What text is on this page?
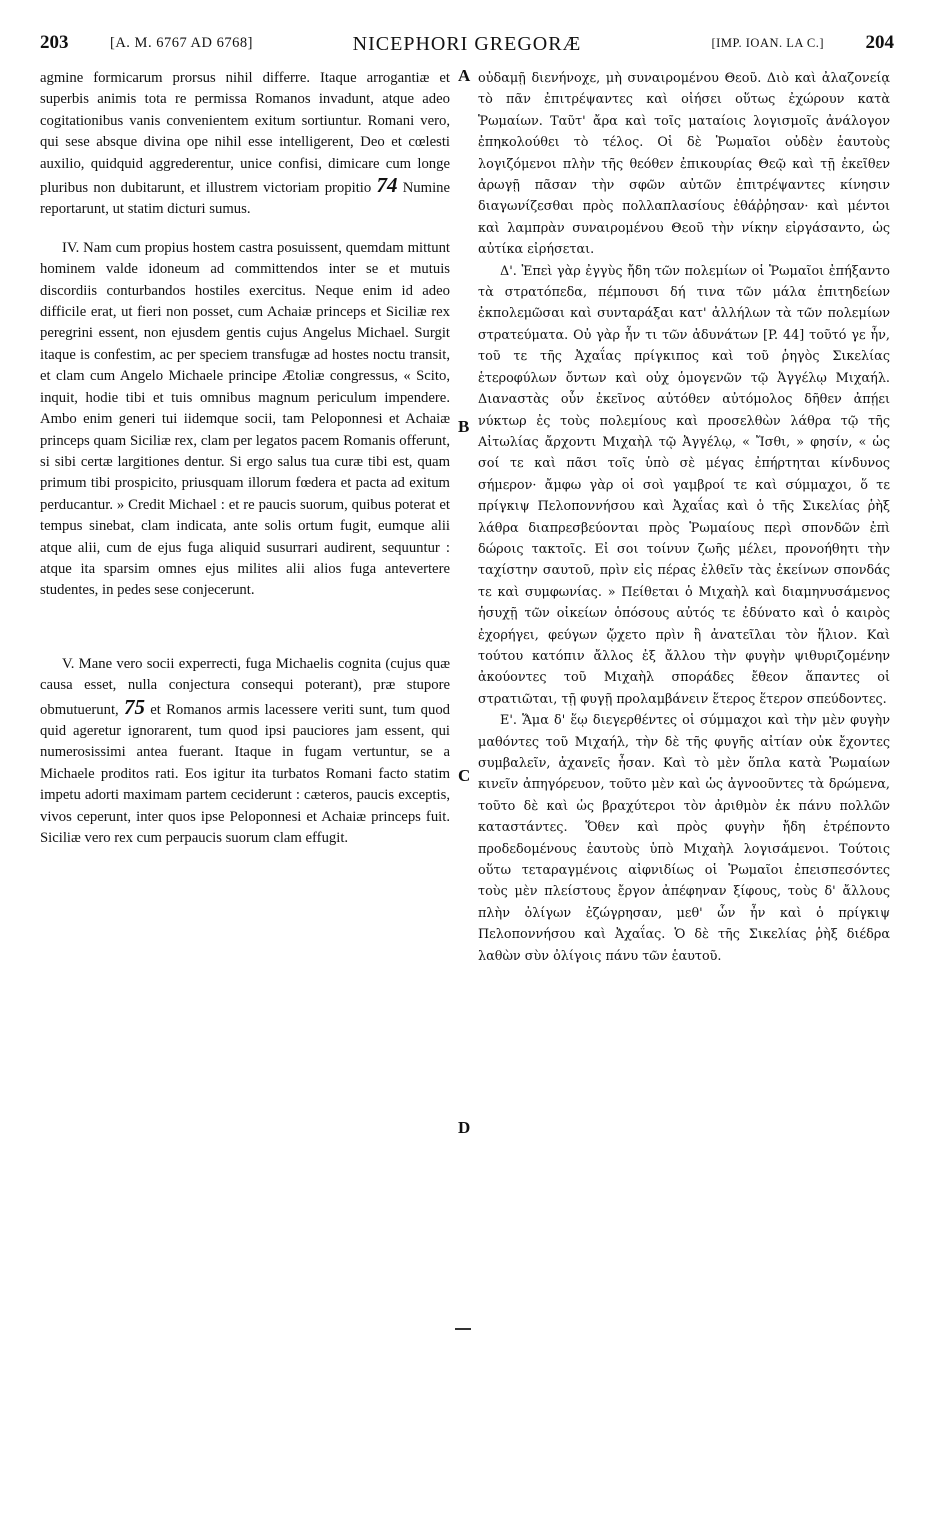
203	[A. M. 6767 AD 6768]	NICEPHORI GREGORÆ	[IMP. IOAN. LA C.] 204

agmine formicarum prorsus nihil differre. Itaque arrogantiæ et superbis animis tota re permissa Romanos invadunt, atque adeo cogitationibus vanis convenientem exitum sortiuntur. Romani vero, qui sese absque divina ope nihil esse intelligerent, Deo et cœlesti auxilio, quidquid aggrederentur, unice confisi, dimicare cum longe pluribus non dubitarunt, et illustrem victoriam propitio 74 Numine reportarunt, ut statim dicturi sumus.

IV. Nam cum propius hostem castra posuissent, quemdam mittunt hominem valde idoneum ad committendos inter se et mutuis discordiis conturbandos hostiles exercitus. Neque enim id adeo difficile erat, ut fieri non posset, cum Achaiæ princeps et Siciliæ rex peregrini essent, non ejusdem gentis cujus Angelus Michael. Surgit itaque is confestim, ac per speciem transfugæ ad hostes noctu transit, et clam cum Angelo Michaele principe Ætoliæ congressus, « Scito, inquit, hodie tibi et tuis omnibus magnum periculum impendere. Ambo enim generi tui iidemque socii, tam Peloponnesi et Achaiæ princeps quam Siciliæ rex, clam per legatos pacem Romanis offerunt, si sibi certæ largitiones dentur. Si ergo salus tua curæ tibi est, quam primum tibi prospicito, priusquam illorum fœdera et pacta ad exitum perducantur. » Credit Michael : et re paucis suorum, quibus poterat et tempus sinebat, clam indicata, ante solis ortum fugit, eumque alii atque alii, cum de ejus fuga aliquid susurrari audirent, sequuntur : atque ita sparsim omnes ejus milites alii alios fuga antevertere studentes, in pedes sese conjecerunt.

V. Mane vero socii experrecti, fuga Michaelis cognita (cujus quæ causa esset, nulla conjectura consequi poterant), præ stupore obmutuerunt, 75 et Romanos armis lacessere veriti sunt, tum quod quid ageretur ignorarent, tum quod ipsi pauciores jam essent, qui numerosissimi antea fuerant. Itaque in fugam vertuntur, se a Michaele proditos rati. Eos igitur ita turbatos Romani facto statim impetu adorti maximam partem ceciderunt : cæteros, paucis exceptis, vivos ceperunt, inter quos ipse Peloponnesi et Achaiæ princeps fuit. Siciliæ vero rex cum perpaucis suorum clam effugit.

A
B
C
D

οὐδαμῇ διενήνοχε, μὴ συναιρομένου Θεοῦ. Διὸ καὶ ἀλαζονείᾳ τὸ πᾶν ἐπιτρέψαντες καὶ οἰήσει οὕτως ἐχώρουν κατὰ Ῥωμαίων. Ταῦτ' ἄρα καὶ τοῖς ματαίοις λογισμοῖς ἀνάλογον ἐπηκολούθει τὸ τέλος. Οἱ δὲ Ῥωμαῖοι οὐδὲν ἑαυτοὺς λογιζόμενοι πλὴν τῆς θεόθεν ἐπικουρίας Θεῷ καὶ τῇ ἐκεῖθεν ἀρωγῇ πᾶσαν τὴν σφῶν αὐτῶν ἐπιτρέψαντες κίνησιν διαγωνίζεσθαι πρὸς πολλαπλασίους ἐθάῤῥησαν· καὶ μέντοι καὶ λαμπρὰν συναιρομένου Θεοῦ τὴν νίκην εἰργάσαντο, ὡς αὐτίκα εἰρήσεται.

Δ'. Ἐπεὶ γὰρ ἐγγὺς ἤδη τῶν πολεμίων οἱ Ῥωμαῖοι ἐπήξαντο τὰ στρατόπεδα, πέμπουσι δή τινα τῶν μάλα ἐπιτηδείων ἐκπολεμῶσαι καὶ συνταράξαι κατ' ἀλλήλων τὰ τῶν πολεμίων στρατεύματα. Οὐ γὰρ ἦν τι τῶν ἀδυνάτων [P. 44] τοῦτό γε ἦν, τοῦ τε τῆς Ἀχαΐας πρίγκιπος καὶ τοῦ ῥηγὸς Σικελίας ἑτεροφύλων ὄντων καὶ οὐχ ὁμογενῶν τῷ Ἀγγέλῳ Μιχαήλ. Διαναστὰς οὖν ἐκεῖνος αὐτόθεν αὐτόμολος δῆθεν ἀπῄει νύκτωρ ἐς τοὺς πολεμίους καὶ προσελθὼν λάθρα τῷ τῆς Αἰτωλίας ἄρχοντι Μιχαὴλ τῷ Ἀγγέλῳ, « Ἴσθι, » φησίν, « ὡς σοί τε καὶ πᾶσι τοῖς ὑπὸ σὲ μέγας ἐπήρτηται κίνδυνος σήμερον· ἄμφω γὰρ οἱ σοὶ γαμβροί τε καὶ σύμμαχοι, ὅ τε πρίγκιψ Πελοποννήσου καὶ Ἀχαΐας καὶ ὁ τῆς Σικελίας ῥὴξ λάθρα διαπρεσβεύονται πρὸς Ῥωμαίους περὶ σπονδῶν ἐπὶ δώροις τακτοῖς. Εἰ σοι τοίνυν ζωῆς μέλει, προνοήθητι τὴν ταχίστην σαυτοῦ, πρὶν εἰς πέρας ἐλθεῖν τὰς ἐκείνων σπονδάς τε καὶ συμφωνίας. » Πείθεται ὁ Μιχαὴλ καὶ διαμηνυσάμενος ἡσυχῇ τῶν οἰκείων ὁπόσους αὐτός τε ἐδύνατο καὶ ὁ καιρὸς ἐχορήγει, φεύγων ᾤχετο πρὶν ἢ ἀνατεῖλαι τὸν ἥλιον. Καὶ τούτου κατόπιν ἄλλος ἐξ ἄλλου τὴν φυγὴν ψιθυριζομένην ἀκούοντες τοῦ Μιχαὴλ σποράδες ἔθεον ἅπαντες οἱ στρατιῶται, τῇ φυγῇ προλαμβάνειν ἕτερος ἕτερον σπεύδοντες.

Ε'. Ἅμα δ' ἕῳ διεγερθέντες οἱ σύμμαχοι καὶ τὴν μὲν φυγὴν μαθόντες τοῦ Μιχαήλ, τὴν δὲ τῆς φυγῆς αἰτίαν οὐκ ἔχοντες συμβαλεῖν, ἀχανεῖς ἦσαν. Καὶ τὸ μὲν ὅπλα κατὰ Ῥωμαίων κινεῖν ἀπηγόρευον, τοῦτο μὲν καὶ ὡς ἀγνοοῦντες τὰ δρώμενα, τοῦτο δὲ καὶ ὡς βραχύτεροι τὸν ἀριθμὸν ἐκ πάνυ πολλῶν καταστάντες. Ὅθεν καὶ πρὸς φυγὴν ἤδη ἐτρέποντο προδεδομένους ἑαυτοὺς ὑπὸ Μιχαὴλ λογισάμενοι. Τούτοις οὕτω τεταραγμένοις αἰφνιδίως οἱ Ῥωμαῖοι ἐπεισπεσόντες τοὺς μὲν πλείστους ἔργον ἀπέφηναν ξίφους, τοὺς δ' ἄλλους πλὴν ὀλίγων ἐζώγρησαν, μεθ' ὧν ἦν καὶ ὁ πρίγκιψ Πελοποννήσου καὶ Ἀχαΐας. Ὁ δὲ τῆς Σικελίας ῥὴξ διέδρα λαθὼν σὺν ὀλίγοις πάνυ τῶν ἑαυτοῦ.
